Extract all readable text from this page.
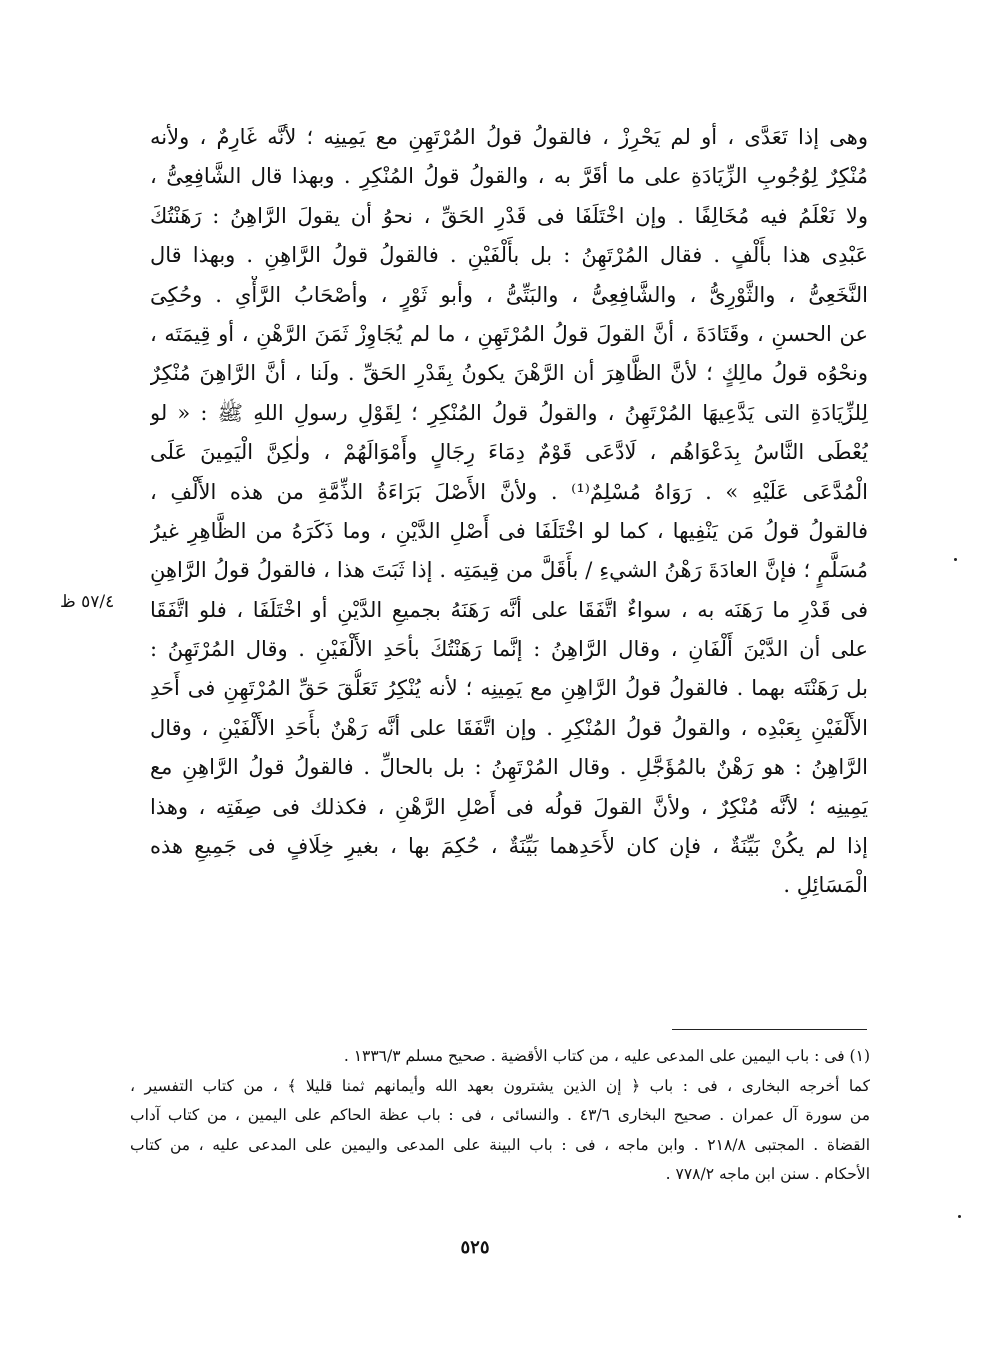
وهى إذا تَعَدَّى ، أو لم يَحْرِزْ ، فالقولُ قولُ المُرْتَهِنِ مع يَمِينِه ؛ لأنَّه غَارِمٌ ، ولأنه
مُنْكِرٌ لِوُجُوبِ الزِّيَادَةِ على ما أقَرَّ به ، والقولُ قولُ المُنْكِرِ . وبهذا قال الشَّافِعِىُّ ،
ولا نَعْلَمُ فيه مُخَالِفًا . وإن اخْتَلَفَا فى قَدْرِ الحَقِّ ، نحوُ أن يقولَ الرَّاهِنُ : رَهَنْتُكَ
عَبْدِى هذا بأَلْفٍ . فقال المُرْتَهِنُ : بل بأَلْفَيْنِ . فالقولُ قولُ الرَّاهِنِ . وبهذا قال
النَّخَعِىُّ ، والثَّوْرِىُّ ، والشَّافِعِىُّ ، والبَتِّىُّ ، وأبو ثَوْرٍ ، وأصْحَابُ الرَّأْىِ . وحُكِىَ
عن الحسنِ ، وقَتَادَةَ ، أنَّ القولَ قولُ المُرْتَهِنِ ، ما لم يُجَاوِزْ ثَمَنَ الرَّهْنِ ، أو قِيمَتَه ،
ونحْوُه قولُ مالِكٍ ؛ لأنَّ الظَّاهِرَ أن الرَّهْنَ يكونُ بِقَدْرِ الحَقِّ . ولَنا ، أنَّ الرَّاهِنَ مُنْكِرٌ
لِلزِّيَادَةِ التى يَدَّعِيهَا المُرْتَهِنُ ، والقولُ قولُ المُنْكِرِ ؛ لِقَوْلِ رسولِ اللهِ ﷺ : « لو
يُعْطَى النَّاسُ بِدَعْوَاهُم ، لَادَّعَى قَوْمٌ دِمَاءَ رِجَالٍ وأَمْوَالَهُمْ ، ولٰكِنَّ الْيَمِينَ عَلَى
الْمُدَّعَى عَلَيْهِ » . رَوَاهُ مُسْلِمٌ⁽¹⁾ . ولأنَّ الأَصْلَ بَرَاءَةُ الذِّمَّةِ من هذه الأَلْفِ ،
فالقولُ قولُ مَن يَنْفِيها ، كما لو اخْتَلَفَا فى أَصْلِ الدَّيْنِ ، وما ذَكَرَهُ من الظَّاهِرِ غيرُ
مُسَلَّمٍ ؛ فإنَّ العادَةَ رَهْنُ الشيءِ / بأَقَلَّ من قِيمَتِه . إذا ثَبَتَ هذا ، فالقولُ قولُ الرَّاهِنِ
فى قَدْرِ ما رَهَنَه به ، سواءٌ اتَّفَقَا على أنَّه رَهَنَهُ بجميعِ الدَّيْنِ أو اخْتَلَفَا ، فلو اتَّفَقَا
على أن الدَّيْنَ أَلْفَانِ ، وقال الرَّاهِنُ : إنَّما رَهَنْتُكَ بأحَدِ الأَلْفَيْنِ . وقال المُرْتَهِنُ :
بل رَهَنْتَه بهما . فالقولُ قولُ الرَّاهِنِ مع يَمِينِه ؛ لأنه يُنْكِرُ تَعَلُّقَ حَقِّ المُرْتَهِنِ فى أَحَدِ
الأَلْفَيْنِ بِعَبْدِه ، والقولُ قولُ المُنْكِرِ . وإن اتَّفَقَا على أنَّه رَهْنٌ بأَحَدِ الأَلْفَيْنِ ، وقال
الرَّاهِنُ : هو رَهْنٌ بالمُؤَجَّلِ . وقال المُرْتَهِنُ : بل بالحالِّ . فالقولُ قولُ الرَّاهِنِ مع
يَمِينِه ؛ لأنَّه مُنْكِرٌ ، ولأنَّ القولَ قولُه فى أَصْلِ الرَّهْنِ ، فكذلك فى صِفَتِه ، وهذا
إذا لم يكُنْ بَيِّنَةٌ ، فإن كان لأَحَدِهما بَيِّنَةٌ ، حُكِمَ بها ، بغيرِ خِلَافٍ فى جَمِيعِ هذه
الْمَسَائِلِ .
٥٧/٤ ظ
(١) فى : باب اليمين على المدعى عليه ، من كتاب الأقضية . صحيح مسلم ١٣٣٦/٣ .
كما أخرجه البخارى ، فى : باب ﴿ إن الذين يشترون بعهد الله وأيمانهم ثمنا قليلا ﴾ ، من كتاب التفسير ،
من سورة آل عمران . صحيح البخارى ٤٣/٦ . والنسائى ، فى : باب عظة الحاكم على اليمين ، من كتاب آداب
القضاة . المجتبى ٢١٨/٨ . وابن ماجه ، فى : باب البينة على المدعى واليمين على المدعى عليه ، من كتاب
الأحكام . سنن ابن ماجه ٧٧٨/٢ .
٥٢٥
